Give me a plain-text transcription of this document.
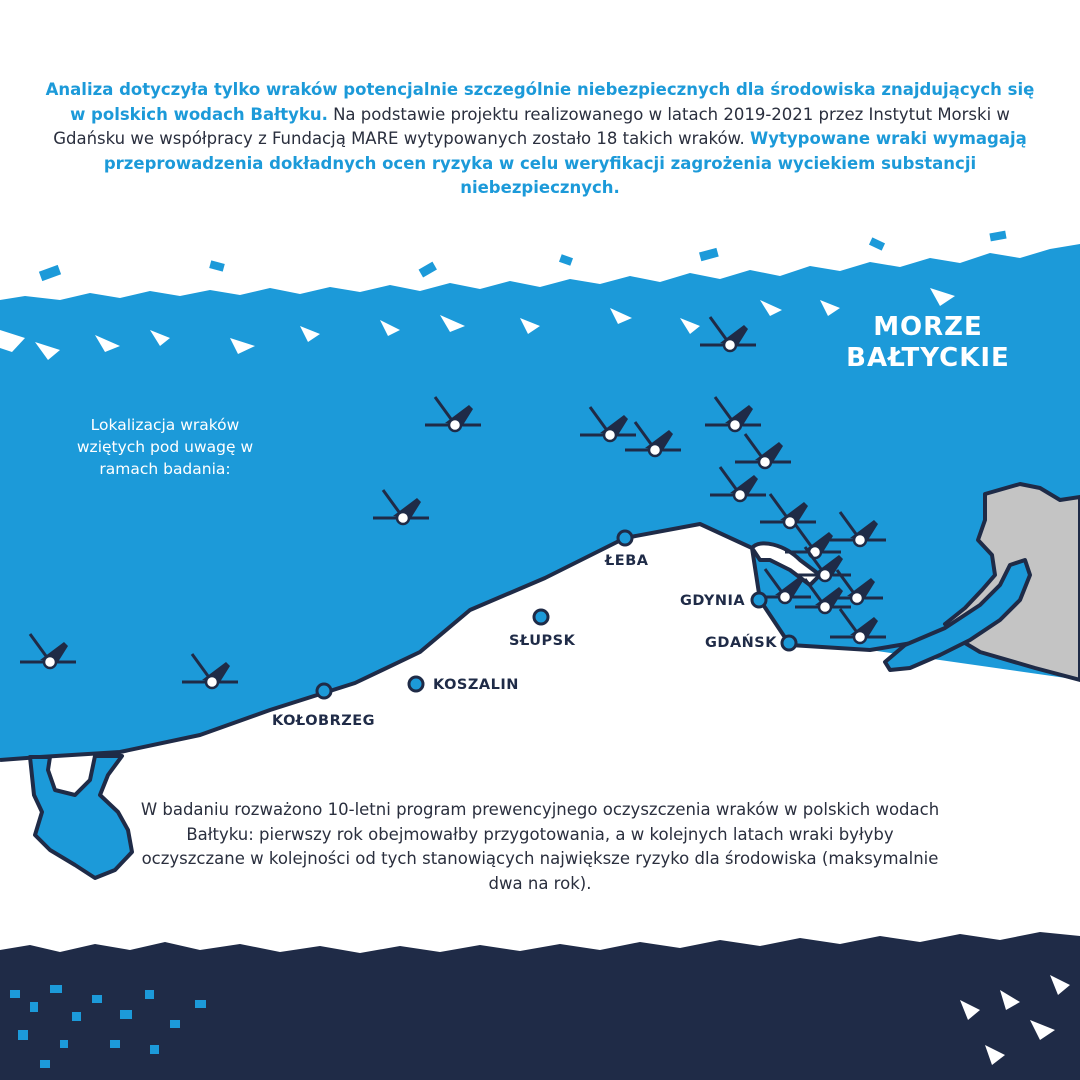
Analiza dotyczyła tylko wraków potencjalnie szczególnie niebezpiecznych dla środowiska znajdujących się w polskich wodach Bałtyku. Na podstawie projektu realizowanego w latach 2019-2021 przez Instytut Morski w Gdańsku we współpracy z Fundacją MARE wytypowanych zostało 18 takich wraków. Wytypowane wraki wymagają przeprowadzenia dokładnych ocen ryzyka w celu weryfikacji zagrożenia wyciekiem substancji niebezpiecznych.
Lokalizacja wraków wziętych pod uwagę w ramach badania:
MORZE BAŁTYCKIE
ŁEBA
GDYNIA
SŁUPSK	GDAŃSK
KOSZALIN
KOŁOBRZEG
W badaniu rozważono 10-letni program prewencyjnego oczyszczenia wraków w polskich wodach Bałtyku: pierwszy rok obejmowałby przygotowania, a w kolejnych latach wraki byłyby oczyszczane w kolejności od tych stanowiących największe ryzyko dla środowiska (maksymalnie dwa na rok).
